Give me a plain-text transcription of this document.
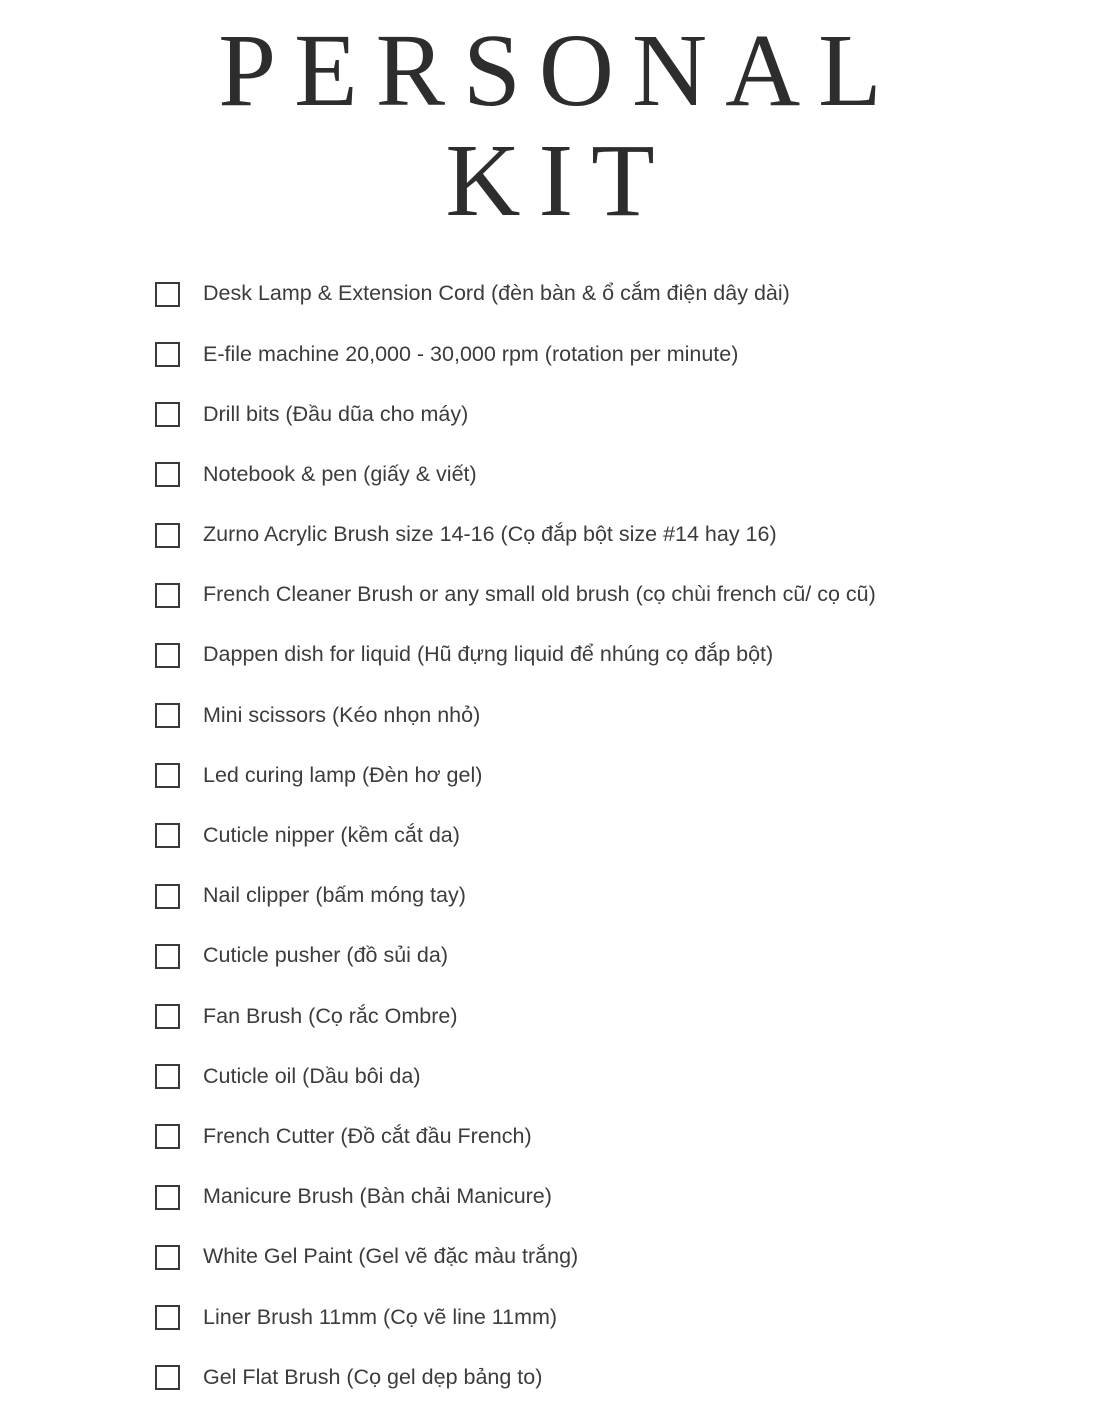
PERSONAL
KIT
Desk Lamp & Extension Cord (đèn bàn & ổ cắm điện dây dài)
E-file machine 20,000 - 30,000 rpm (rotation per minute)
Drill bits (Đầu dũa cho máy)
Notebook & pen (giấy & viết)
Zurno Acrylic Brush size 14-16 (Cọ đắp bột size #14 hay 16)
French Cleaner Brush or any small old brush (cọ chùi french cũ/ cọ cũ)
Dappen dish for liquid (Hũ đựng liquid để nhúng cọ đắp bột)
Mini scissors (Kéo nhọn nhỏ)
Led curing lamp (Đèn hơ gel)
Cuticle nipper (kềm cắt da)
Nail clipper (bấm móng tay)
Cuticle pusher (đồ sủi da)
Fan Brush (Cọ rắc Ombre)
Cuticle oil (Dầu bôi da)
French Cutter (Đồ cắt đầu French)
Manicure Brush (Bàn chải Manicure)
White Gel Paint (Gel vẽ đặc màu trắng)
Liner Brush 11mm (Cọ vẽ line 11mm)
Gel Flat Brush (Cọ gel dẹp bảng to)
